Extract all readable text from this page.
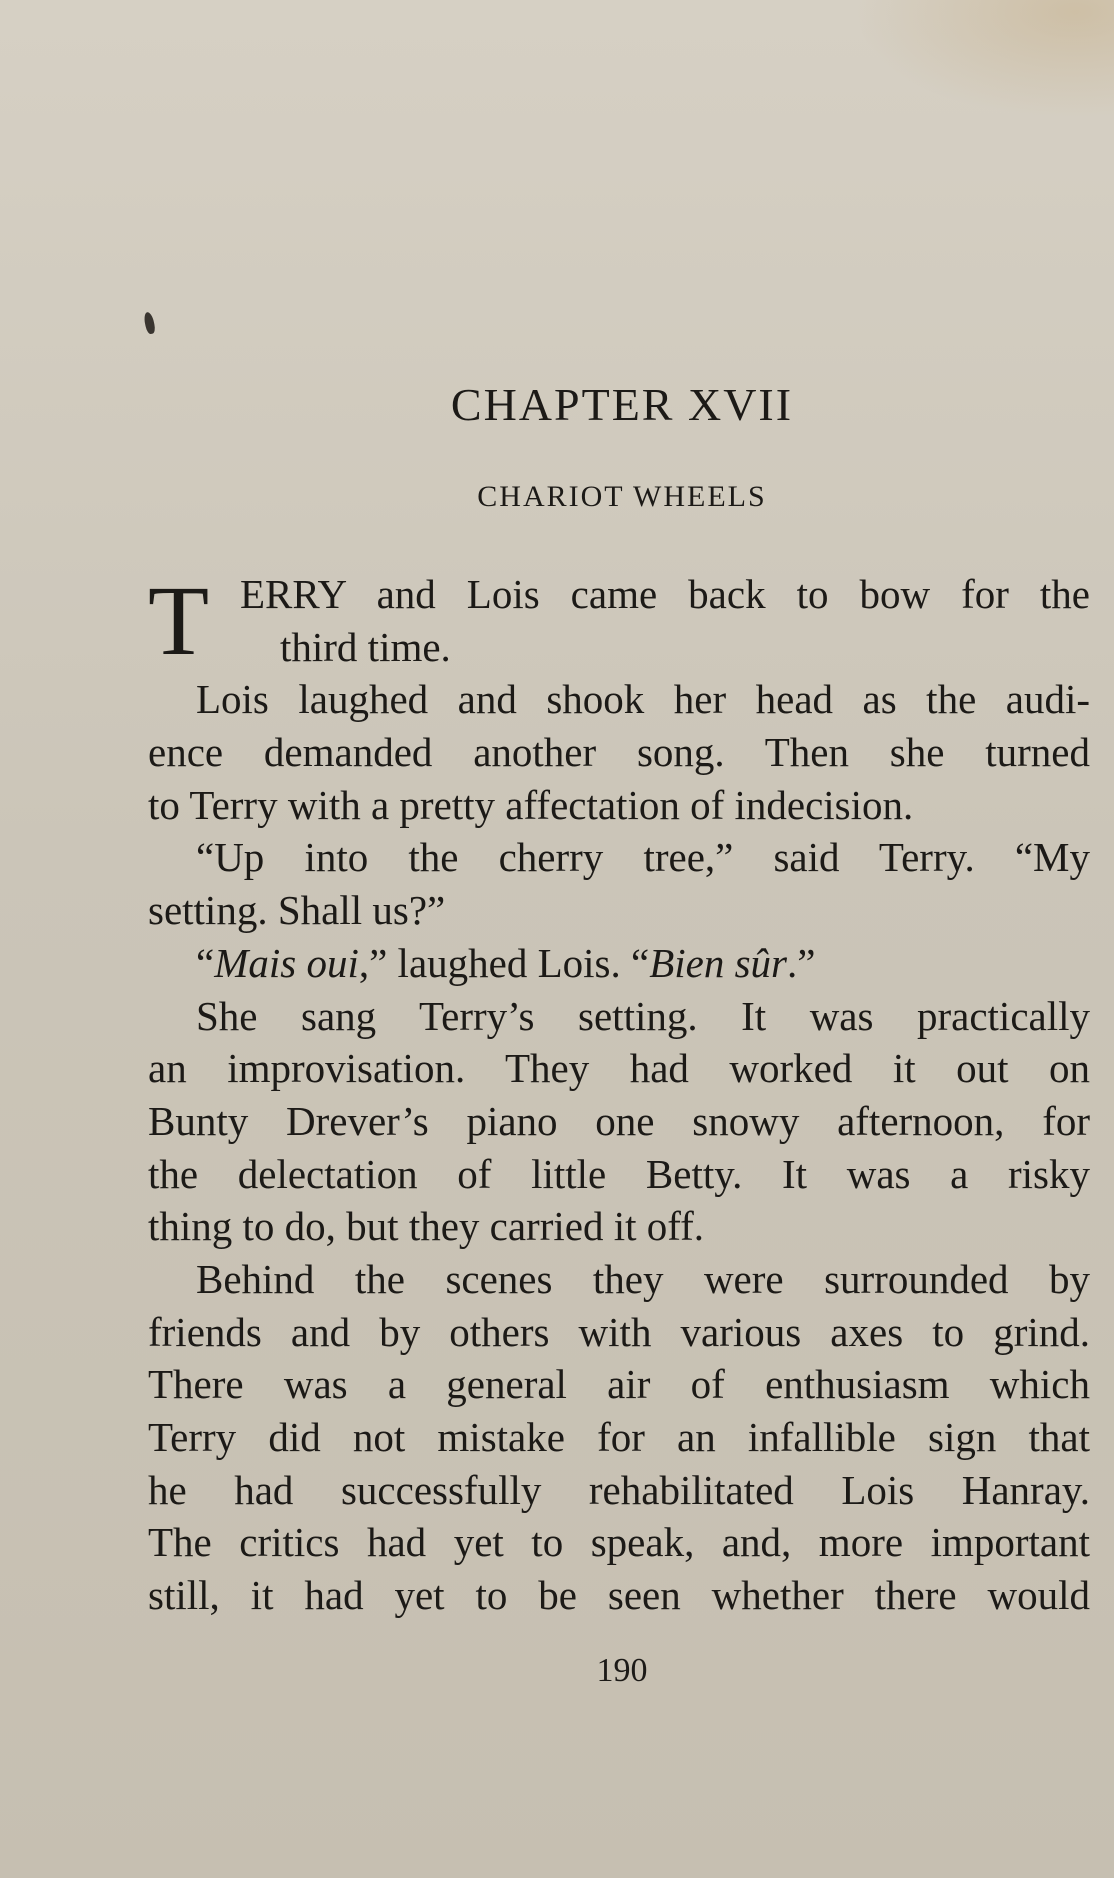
CHAPTER XVII
CHARIOT WHEELS
T ERRY and Lois came back to bow for the
third time.
Lois laughed and shook her head as the audi-
ence demanded another song. Then she turned
to Terry with a pretty affectation of indecision.
“Up into the cherry tree,” said Terry. “My
setting. Shall us?”
“Mais oui,” laughed Lois. “Bien sûr.”
She sang Terry’s setting. It was practically
an improvisation. They had worked it out on
Bunty Drever’s piano one snowy afternoon, for
the delectation of little Betty. It was a risky
thing to do, but they carried it off.
Behind the scenes they were surrounded by
friends and by others with various axes to grind.
There was a general air of enthusiasm which
Terry did not mistake for an infallible sign that
he had successfully rehabilitated Lois Hanray.
The critics had yet to speak, and, more important
still, it had yet to be seen whether there would
190
